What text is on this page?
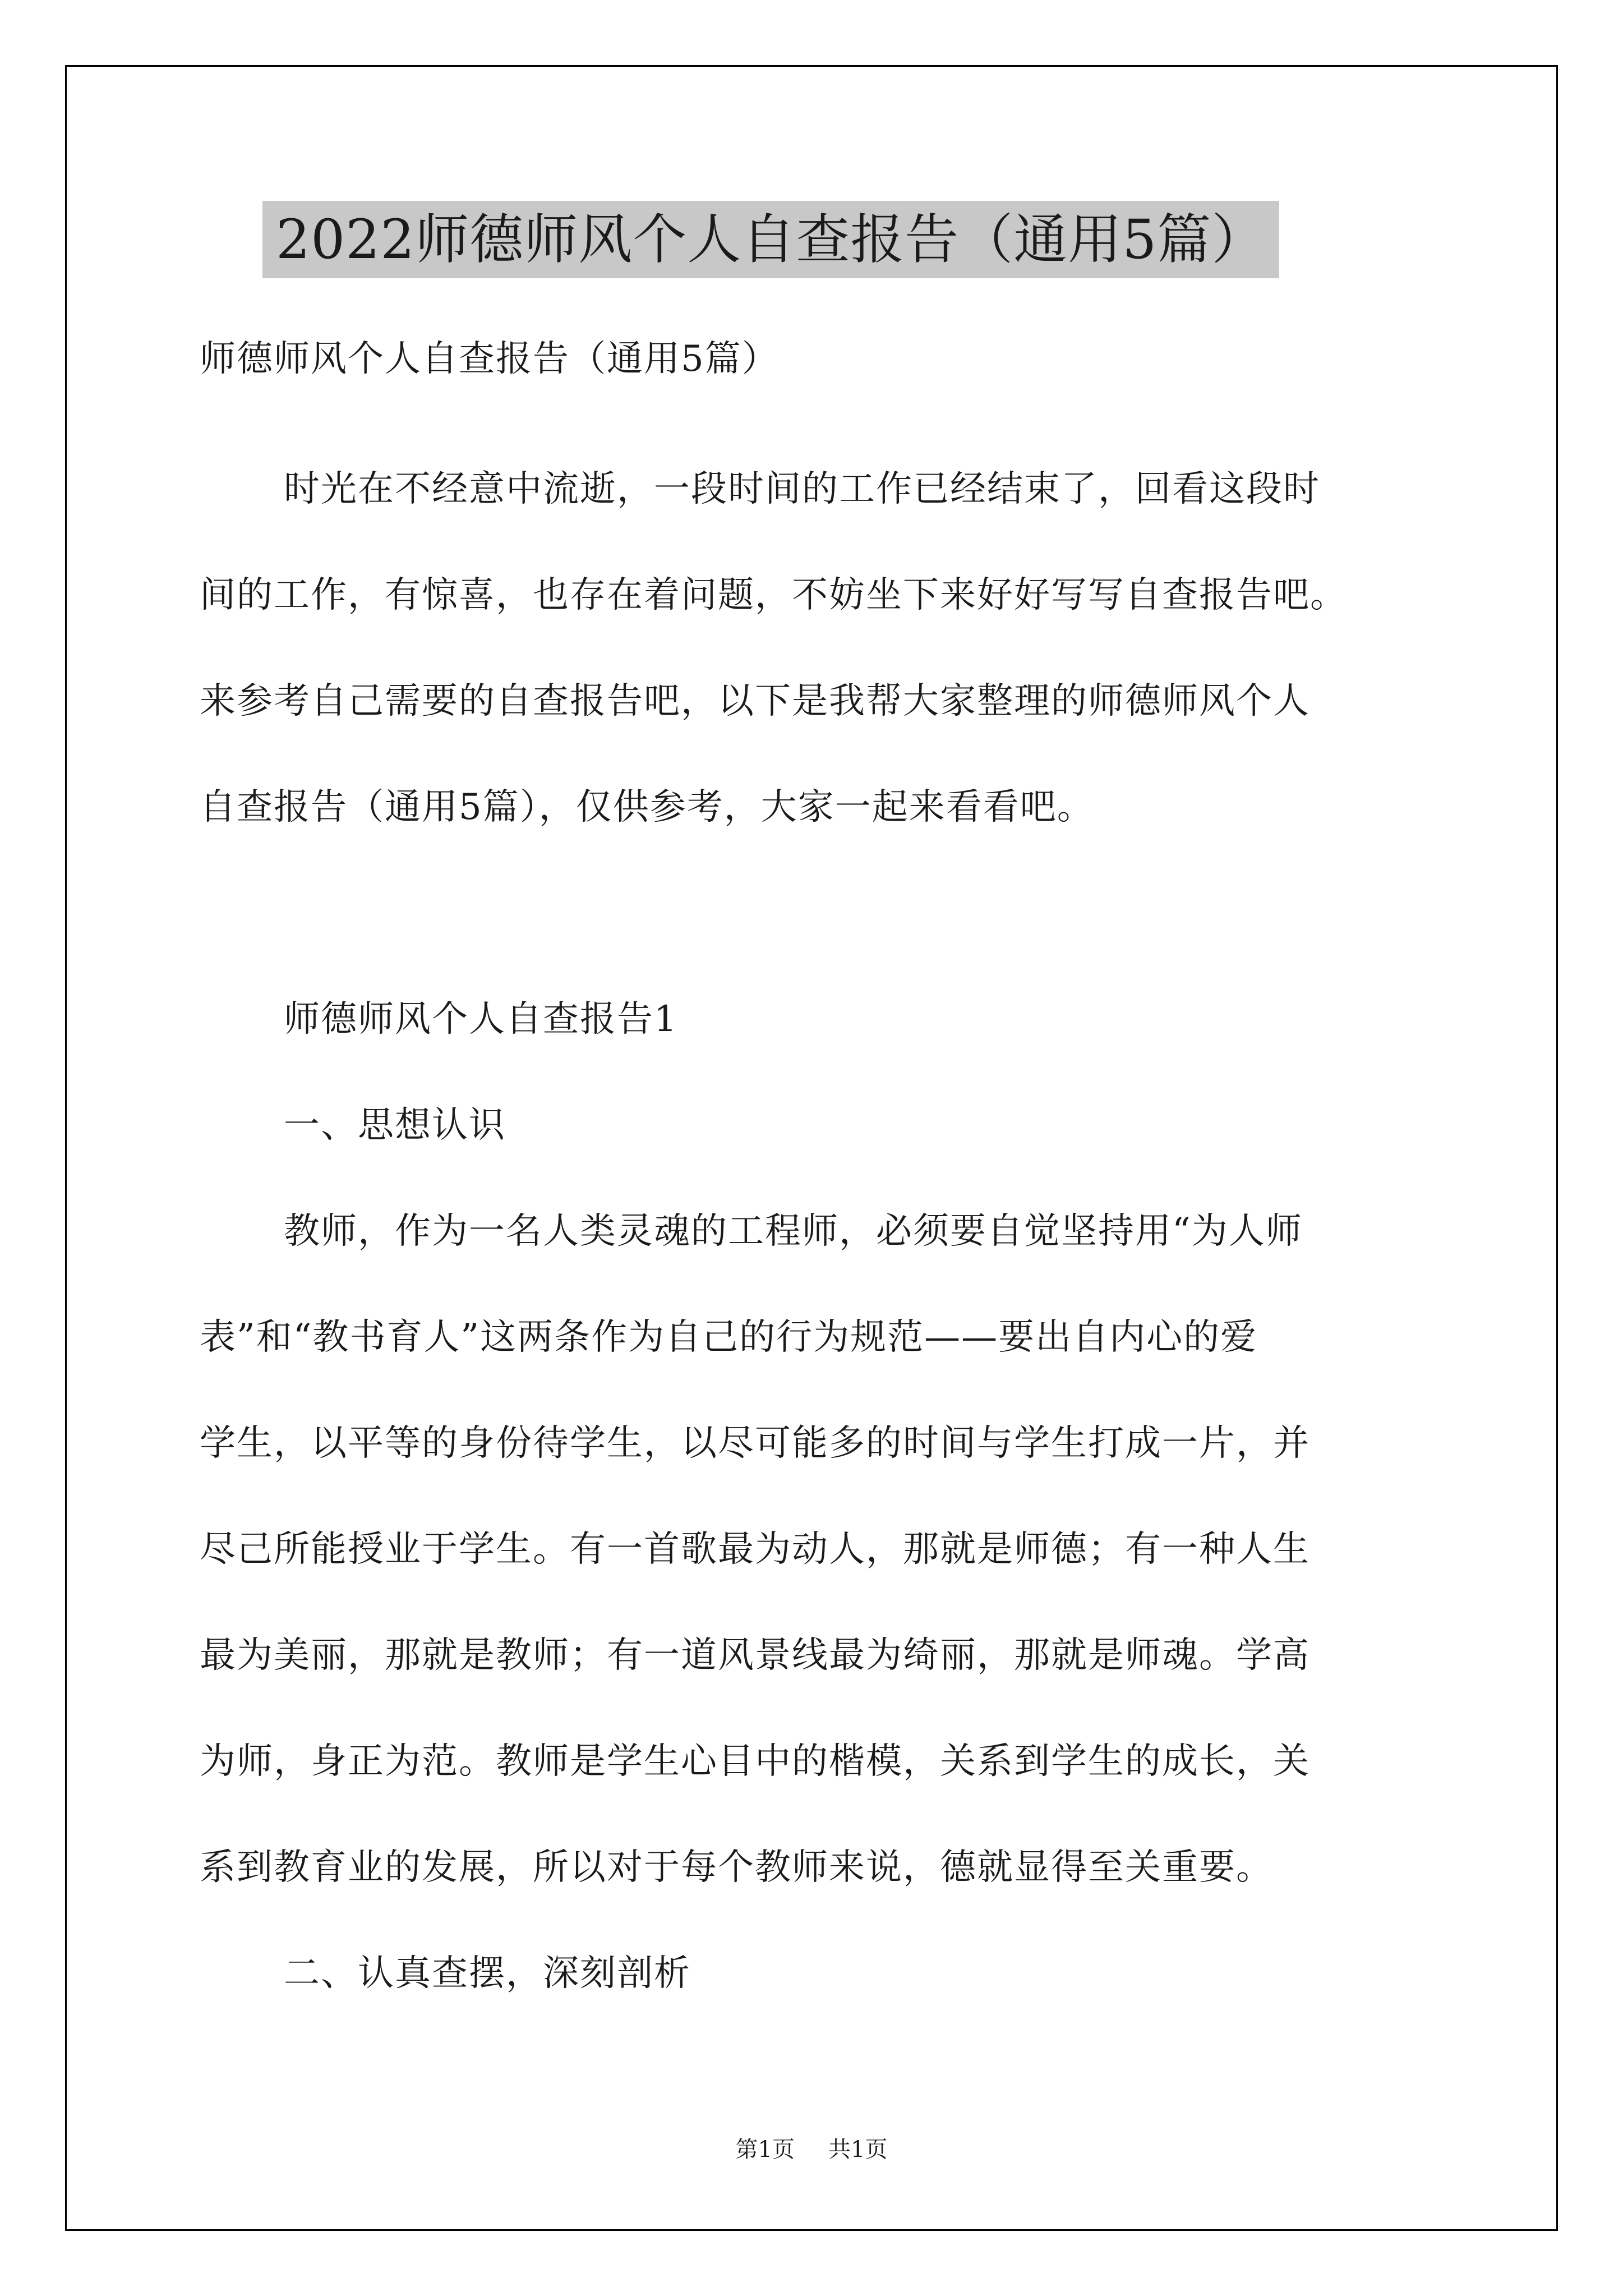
2022师德师风个人自查报告（通用5篇）
师德师风个人自查报告（通用5篇）
时光在不经意中流逝，一段时间的工作已经结束了，回看这段时
间的工作，有惊喜，也存在着问题，不妨坐下来好好写写自查报告吧。
来参考自己需要的自查报告吧，以下是我帮大家整理的师德师风个人
自查报告（通用5篇），仅供参考，大家一起来看看吧。
师德师风个人自查报告1
一、思想认识
教师，作为一名人类灵魂的工程师，必须要自觉坚持用“为人师
表”和“教书育人”这两条作为自己的行为规范——要出自内心的爱
学生，以平等的身份待学生，以尽可能多的时间与学生打成一片，并
尽己所能授业于学生。有一首歌最为动人，那就是师德；有一种人生
最为美丽，那就是教师；有一道风景线最为绮丽，那就是师魂。学高
为师，身正为范。教师是学生心目中的楷模，关系到学生的成长，关
系到教育业的发展，所以对于每个教师来说，德就显得至关重要。
二、认真查摆，深刻剖析
第1页 共1页
